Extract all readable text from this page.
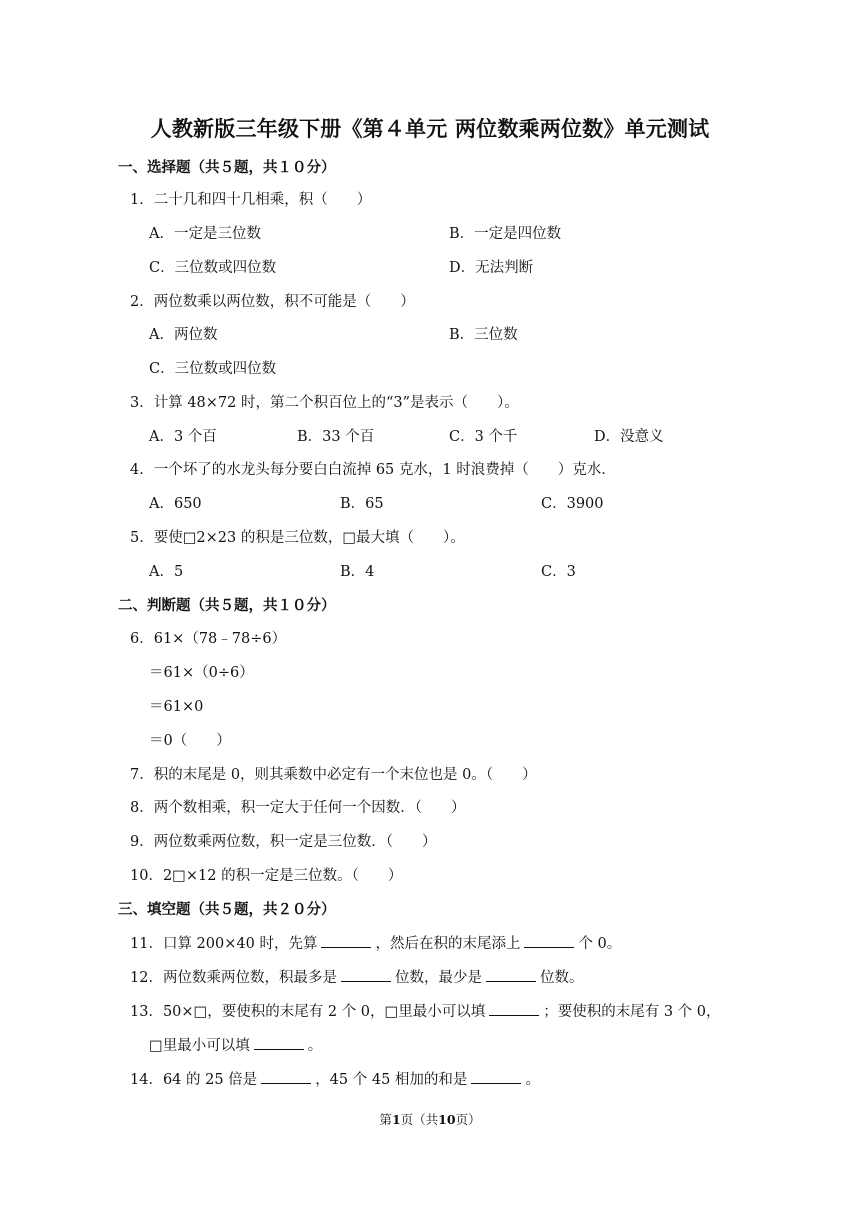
人教新版三年级下册《第４单元 两位数乘两位数》单元测试
一、选择题（共５题，共１０分）
1．二十几和四十几相乘，积（　　）
A．一定是三位数	B．一定是四位数
C．三位数或四位数	D．无法判断
2．两位数乘以两位数，积不可能是（　　）
A．两位数	B．三位数
C．三位数或四位数
3．计算 48×72 时，第二个积百位上的“3”是表示（　　）。
A．3 个百	B．33 个百	C．3 个千	D．没意义
4．一个坏了的水龙头每分要白白流掉 65 克水，1 时浪费掉（　　）克水．
A．650	B．65	C．3900
5．要使□2×23 的积是三位数，□最大填（　　）。
A．5	B．4	C．3
二、判断题（共５题，共１０分）
6．61×（78﹣78÷6）
＝61×（0÷6）
＝61×0
＝0（　　）
7．积的末尾是 0，则其乘数中必定有一个末位也是 0。（　　）
8．两个数相乘，积一定大于任何一个因数．（　　）
9．两位数乘两位数，积一定是三位数．（　　）
10．2□×12 的积一定是三位数。（　　）
三、填空题（共５题，共２０分）
11．口算 200×40 时，先算	，然后在积的末尾添上	个 0。
12．两位数乘两位数，积最多是	位数，最少是	位数。
13．50×□，要使积的末尾有 2 个 0，□里最小可以填	；要使积的末尾有 3 个 0，
□里最小可以填	。
14．64 的 25 倍是	，45 个 45 相加的和是	。
第1页（共10页）
